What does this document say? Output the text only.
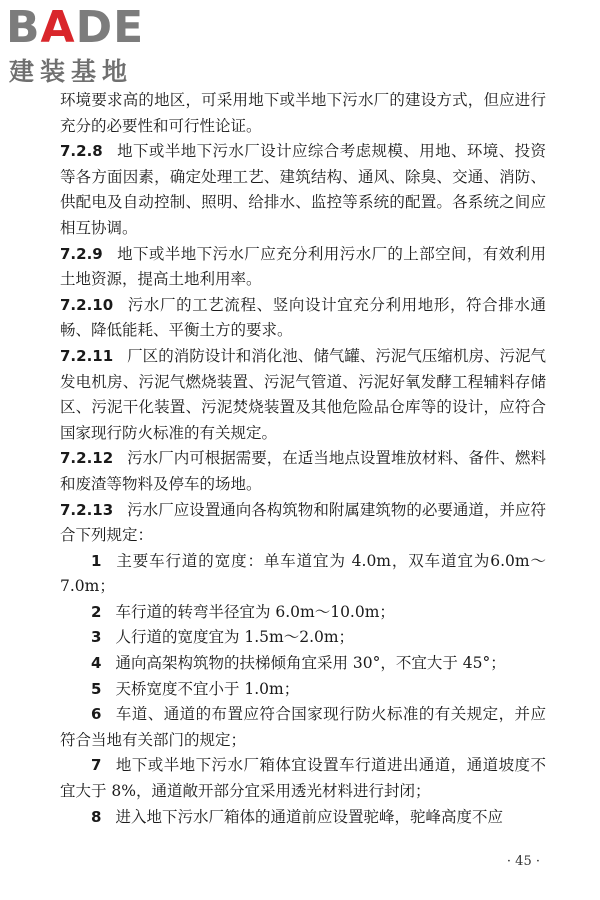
B A DE
建装基地

环境要求高的地区，可采用地下或半地下污水厂的建设方式，但应进行充分的必要性和可行性论证。

7.2.8 地下或半地下污水厂设计应综合考虑规模、用地、环境、投资等各方面因素，确定处理工艺、建筑结构、通风、除臭、交通、消防、供配电及自动控制、照明、给排水、监控等系统的配置。各系统之间应相互协调。

7.2.9 地下或半地下污水厂应充分利用污水厂的上部空间，有效利用土地资源，提高土地利用率。

7.2.10 污水厂的工艺流程、竖向设计宜充分利用地形，符合排水通畅、降低能耗、平衡土方的要求。

7.2.11 厂区的消防设计和消化池、储气罐、污泥气压缩机房、污泥气发电机房、污泥气燃烧装置、污泥气管道、污泥好氧发酵工程辅料存储区、污泥干化装置、污泥焚烧装置及其他危险品仓库等的设计，应符合国家现行防火标准的有关规定。

7.2.12 污水厂内可根据需要，在适当地点设置堆放材料、备件、燃料和废渣等物料及停车的场地。

7.2.13 污水厂应设置通向各构筑物和附属建筑物的必要通道，并应符合下列规定：

1 主要车行道的宽度：单车道宜为 4.0m，双车道宜为6.0m～7.0m；

2 车行道的转弯半径宜为 6.0m～10.0m；

3 人行道的宽度宜为 1.5m～2.0m；

4 通向高架构筑物的扶梯倾角宜采用 30°，不宜大于 45°；

5 天桥宽度不宜小于 1.0m；

6 车道、通道的布置应符合国家现行防火标准的有关规定，并应符合当地有关部门的规定；

7 地下或半地下污水厂箱体宜设置车行道进出通道，通道坡度不宜大于 8%，通道敞开部分宜采用透光材料进行封闭；

8 进入地下污水厂箱体的通道前应设置驼峰，驼峰高度不应

· 45 ·
